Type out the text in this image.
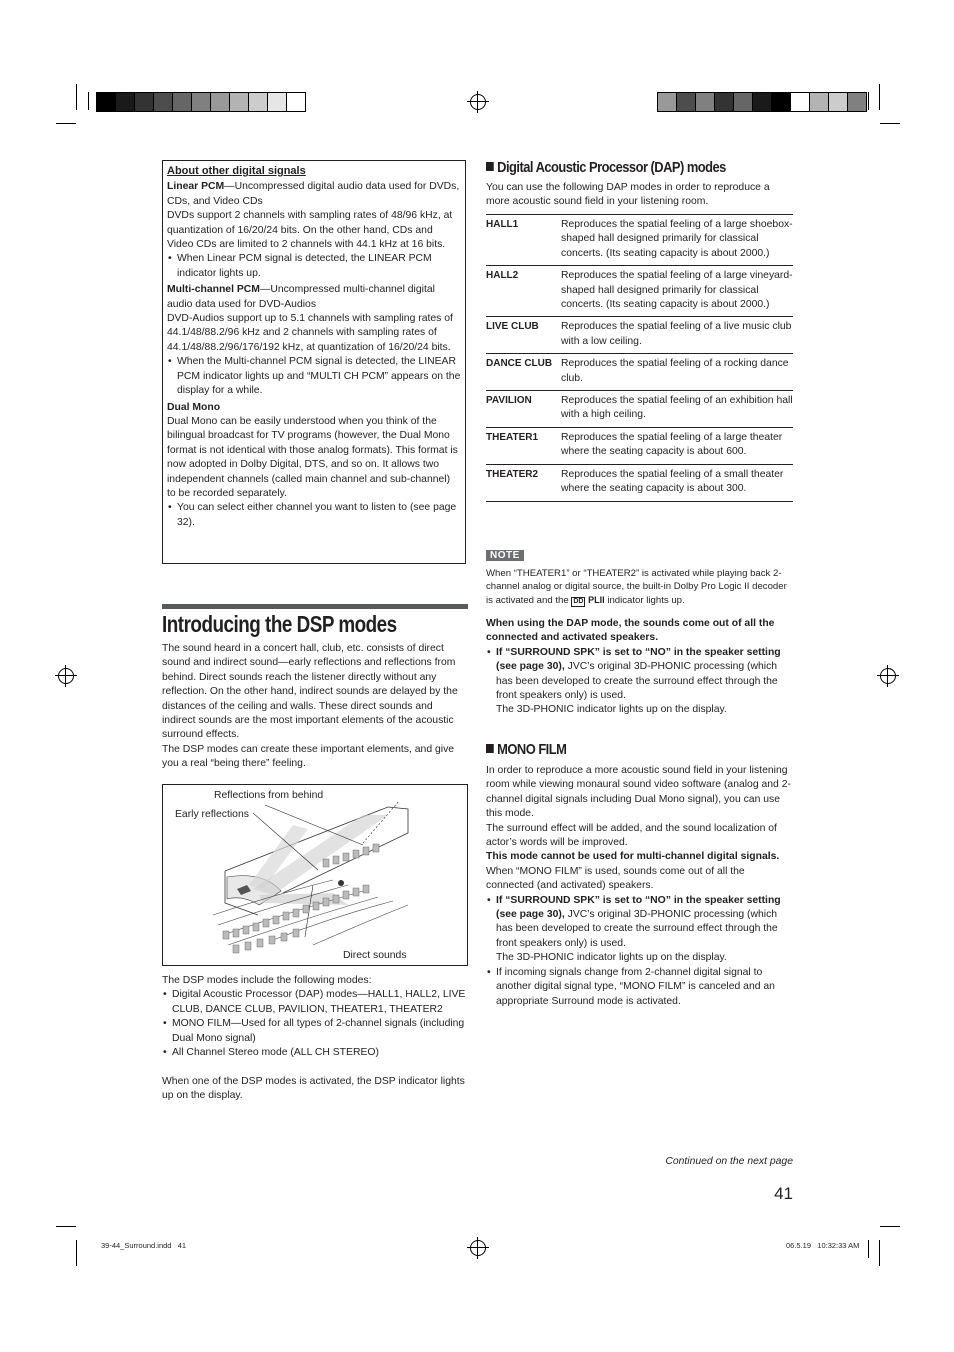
About other digital signals

Linear PCM—Uncompressed digital audio data used for DVDs, CDs, and Video CDs

DVDs support 2 channels with sampling rates of 48/96 kHz, at quantization of 16/20/24 bits. On the other hand, CDs and Video CDs are limited to 2 channels with 44.1 kHz at 16 bits.

• When Linear PCM signal is detected, the LINEAR PCM indicator lights up.

Multi-channel PCM—Uncompressed multi-channel digital audio data used for DVD-Audios

DVD-Audios support up to 5.1 channels with sampling rates of 44.1/48/88.2/96 kHz and 2 channels with sampling rates of 44.1/48/88.2/96/176/192 kHz, at quantization of 16/20/24 bits.

• When the Multi-channel PCM signal is detected, the LINEAR PCM indicator lights up and “MULTI CH PCM” appears on the display for a while.

Dual Mono

Dual Mono can be easily understood when you think of the bilingual broadcast for TV programs (however, the Dual Mono format is not identical with those analog formats). This format is now adopted in Dolby Digital, DTS, and so on. It allows two independent channels (called main channel and sub-channel) to be recorded separately.

• You can select either channel you want to listen to (see page 32).

Introducing the DSP modes

The sound heard in a concert hall, club, etc. consists of direct sound and indirect sound—early reflections and reflections from behind. Direct sounds reach the listener directly without any reflection. On the other hand, indirect sounds are delayed by the distances of the ceiling and walls. These direct sounds and indirect sounds are the most important elements of the acoustic surround effects.

The DSP modes can create these important elements, and give you a real “being there” feeling.

Reflections from behind
Early reflections
Direct sounds

The DSP modes include the following modes:

• Digital Acoustic Processor (DAP) modes—HALL1, HALL2, LIVE CLUB, DANCE CLUB, PAVILION, THEATER1, THEATER2

• MONO FILM—Used for all types of 2-channel signals (including Dual Mono signal)

• All Channel Stereo mode (ALL CH STEREO)

When one of the DSP modes is activated, the DSP indicator lights up on the display.
Digital Acoustic Processor (DAP) modes
You can use the following DAP modes in order to reproduce a more acoustic sound field in your listening room.
HALL1	Reproduces the spatial feeling of a large shoebox-shaped hall designed primarily for classical concerts. (Its seating capacity is about 2000.)
HALL2	Reproduces the spatial feeling of a large vineyard-shaped hall designed primarily for classical concerts. (Its seating capacity is about 2000.)
LIVE CLUB	Reproduces the spatial feeling of a live music club with a low ceiling.
DANCE CLUB	Reproduces the spatial feeling of a rocking dance club.
PAVILION	Reproduces the spatial feeling of an exhibition hall with a high ceiling.
THEATER1	Reproduces the spatial feeling of a large theater where the seating capacity is about 600.
THEATER2	Reproduces the spatial feeling of a small theater where the seating capacity is about 300.
NOTE

When “THEATER1” or “THEATER2” is activated while playing back 2-channel analog or digital source, the built-in Dolby Pro Logic II decoder is activated and the DD PLII indicator lights up.

When using the DAP mode, the sounds come out of all the connected and activated speakers.

• If “SURROUND SPK” is set to “NO” in the speaker setting (see page 30), JVC’s original 3D-PHONIC processing (which has been developed to create the surround effect through the front speakers only) is used.

The 3D-PHONIC indicator lights up on the display.

MONO FILM

In order to reproduce a more acoustic sound field in your listening room while viewing monaural sound video software (analog and 2-channel digital signals including Dual Mono signal), you can use this mode.

The surround effect will be added, and the sound localization of actor’s words will be improved.

This mode cannot be used for multi-channel digital signals.

When “MONO FILM” is used, sounds come out of all the connected (and activated) speakers.

• If “SURROUND SPK” is set to “NO” in the speaker setting (see page 30), JVC’s original 3D-PHONIC processing (which has been developed to create the surround effect through the front speakers only) is used.

The 3D-PHONIC indicator lights up on the display.

• If incoming signals change from 2-channel digital signal to another digital signal type, “MONO FILM” is canceled and an appropriate Surround mode is activated.

Continued on the next page
41
39-44_Surround.indd   41	06.5.19   10:32:33 AM
